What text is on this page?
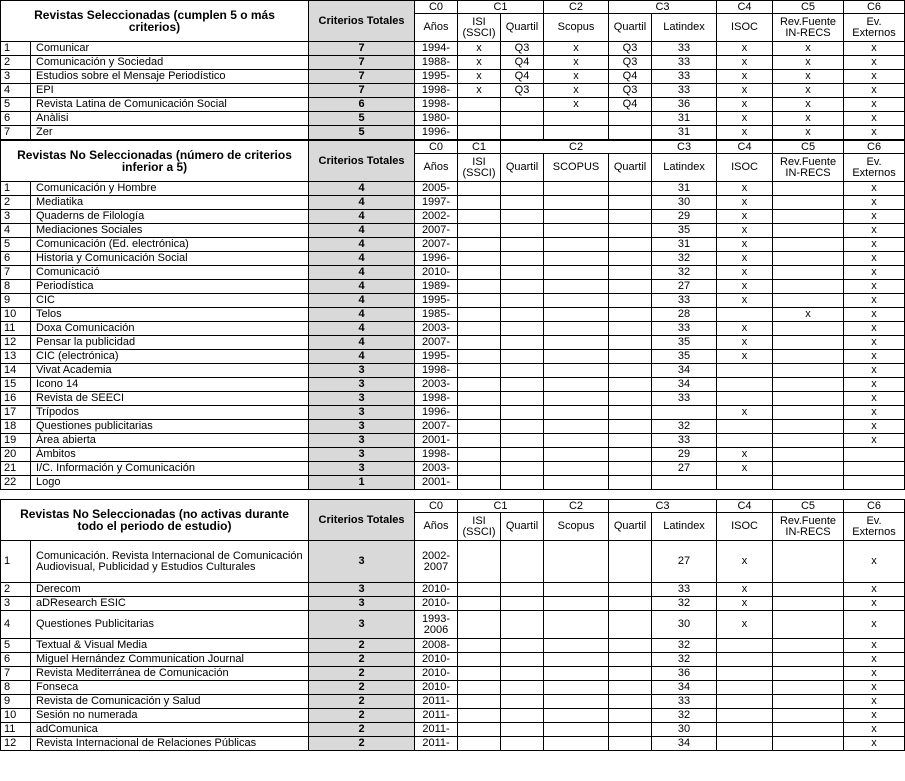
Revistas Seleccionadas (cumplen 5 o más criterios)		Criterios Totales	C0	C1		C2	C3		C4	C5	C6
			Años	ISI (SSCI)	Quartil	Scopus	Quartil	Latindex	ISOC	Rev.Fuente IN-RECS	Ev. Externos
1	Comunicar	7	1994-	x	Q3	x	Q3	33	x	x	x
2	Comunicación y Sociedad	7	1988-	x	Q4	x	Q3	33	x	x	x
3	Estudios sobre el Mensaje Periodístico	7	1995-	x	Q4	x	Q4	33	x	x	x
4	EPI	7	1998-	x	Q3	x	Q3	33	x	x	x
5	Revista Latina de Comunicación Social	6	1998-			x	Q4	36	x	x	x
6	Anàlisi	5	1980-					31	x	x	x
7	Zer	5	1996-					31	x	x	x
Revistas No Seleccionadas (número de criterios inferior a 5)		Criterios Totales	C0	C1	C2			C3	C4	C5	C6
			Años	ISI (SSCI)	Quartil	SCOPUS	Quartil	Latindex	ISOC	Rev.Fuente IN-RECS	Ev. Externos
1	Comunicación y Hombre	4	2005-					31	x		x
2	Mediatika	4	1997-					30	x		x
3	Quaderns de Filología	4	2002-					29	x		x
4	Mediaciones Sociales	4	2007-					35	x		x
5	Comunicación (Ed. electrónica)	4	2007-					31	x		x
6	Historia y Comunicación Social	4	1996-					32	x		x
7	Comunicació	4	2010-					32	x		x
8	Periodística	4	1989-					27	x		x
9	CIC	4	1995-					33	x		x
10	Telos	4	1985-					28		x	x
11	Doxa Comunicación	4	2003-					33	x		x
12	Pensar la publicidad	4	2007-					35	x		x
13	CIC (electrónica)	4	1995-					35	x		x
14	Vivat Academia	3	1998-					34			x
15	Icono 14	3	2003-					34			x
16	Revista de SEECI	3	1998-					33			x
17	Trípodos	3	1996-						x		x
18	Questiones publicitarias	3	2007-					32			x
19	Área abierta	3	2001-					33			x
20	Ámbitos	3	1998-					29	x		
21	I/C. Información y Comunicación	3	2003-					27	x		
22	Logo	1	2001-								
Revistas No Seleccionadas (no activas durante todo el periodo de estudio)		Criterios Totales	C0	C1		C2	C3		C4	C5	C6
			Años	ISI (SSCI)	Quartil	Scopus	Quartil	Latindex	ISOC	Rev.Fuente IN-RECS	Ev. Externos
1	Comunicación. Revista Internacional de Comunicación Audiovisual, Publicidad y Estudios Culturales	3	2002-2007					27	x		x
2	Derecom	3	2010-					33	x		x
3	aDResearch ESIC	3	2010-					32	x		x
4	Questiones Publicitarias	3	1993-2006					30	x		x
5	Textual & Visual Media	2	2008-					32			x
6	Miguel Hernández Communication Journal	2	2010-					32			x
7	Revista Mediterránea de Comunicación	2	2010-					36			x
8	Fonseca	2	2010-					34			x
9	Revista de Comunicación y Salud	2	2011-					33			x
10	Sesión no numerada	2	2011-					32			x
11	adComunica	2	2011-					30			x
12	Revista Internacional de Relaciones Públicas	2	2011-					34			x
